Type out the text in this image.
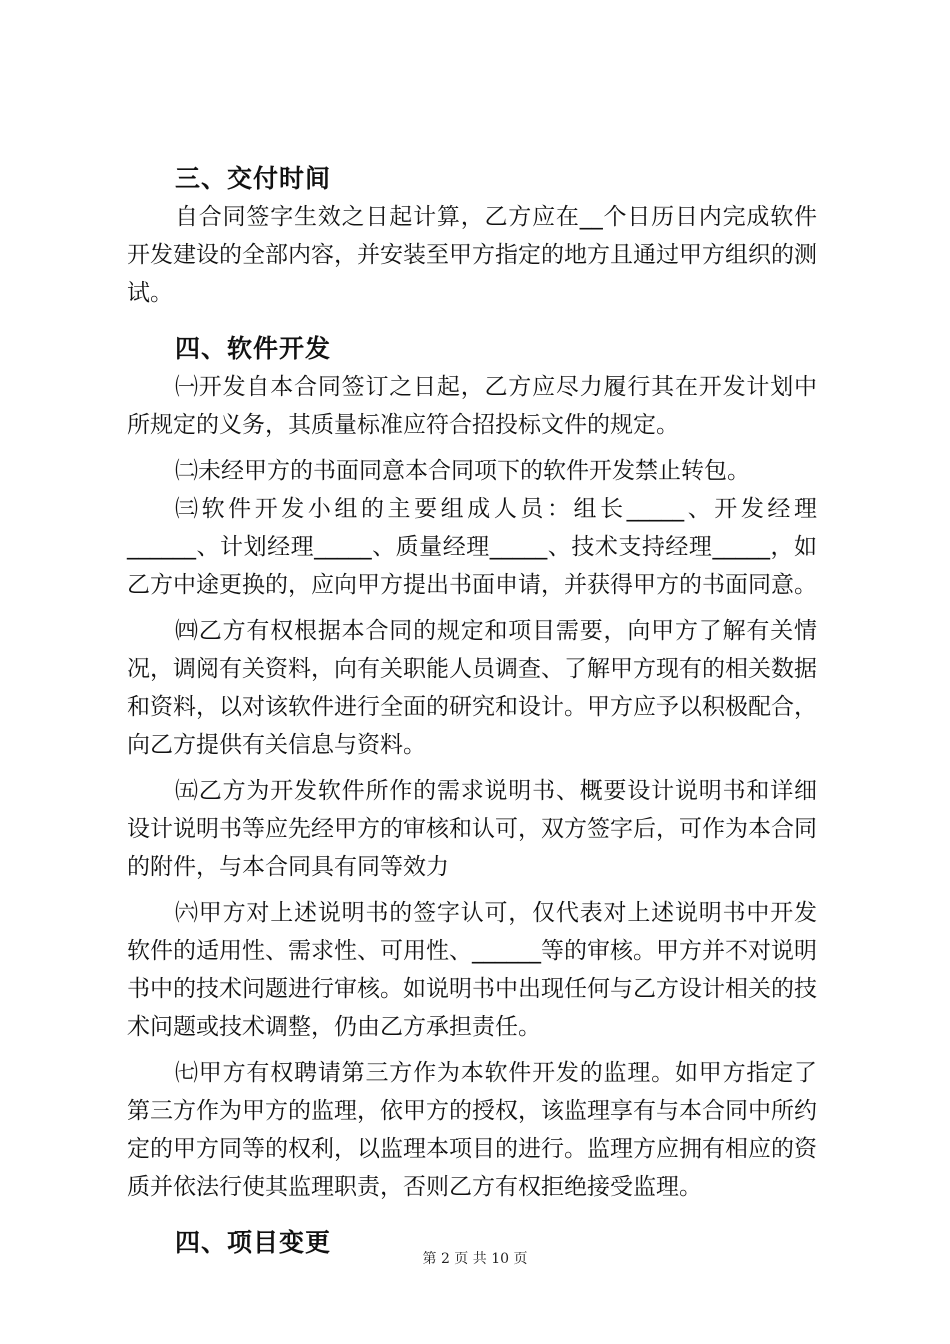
三、交付时间

自合同签字生效之日起计算，乙方应在__个日历日内完成软件开发建设的全部内容，并安装至甲方指定的地方且通过甲方组织的测试。

四、软件开发

㈠开发自本合同签订之日起，乙方应尽力履行其在开发计划中所规定的义务，其质量标准应符合招投标文件的规定。

㈡未经甲方的书面同意本合同项下的软件开发禁止转包。

㈢软件开发小组的主要组成人员：组长_____、开发经理______、计划经理_____、质量经理_____、技术支持经理_____，如乙方中途更换的，应向甲方提出书面申请，并获得甲方的书面同意。

㈣乙方有权根据本合同的规定和项目需要，向甲方了解有关情况，调阅有关资料，向有关职能人员调查、了解甲方现有的相关数据和资料，以对该软件进行全面的研究和设计。甲方应予以积极配合，向乙方提供有关信息与资料。

㈤乙方为开发软件所作的需求说明书、概要设计说明书和详细设计说明书等应先经甲方的审核和认可，双方签字后，可作为本合同的附件，与本合同具有同等效力

㈥甲方对上述说明书的签字认可，仅代表对上述说明书中开发软件的适用性、需求性、可用性、______等的审核。甲方并不对说明书中的技术问题进行审核。如说明书中出现任何与乙方设计相关的技术问题或技术调整，仍由乙方承担责任。

㈦甲方有权聘请第三方作为本软件开发的监理。如甲方指定了第三方作为甲方的监理，依甲方的授权，该监理享有与本合同中所约定的甲方同等的权利，以监理本项目的进行。监理方应拥有相应的资质并依法行使其监理职责，否则乙方有权拒绝接受监理。

四、项目变更
第 2 页 共 10 页
